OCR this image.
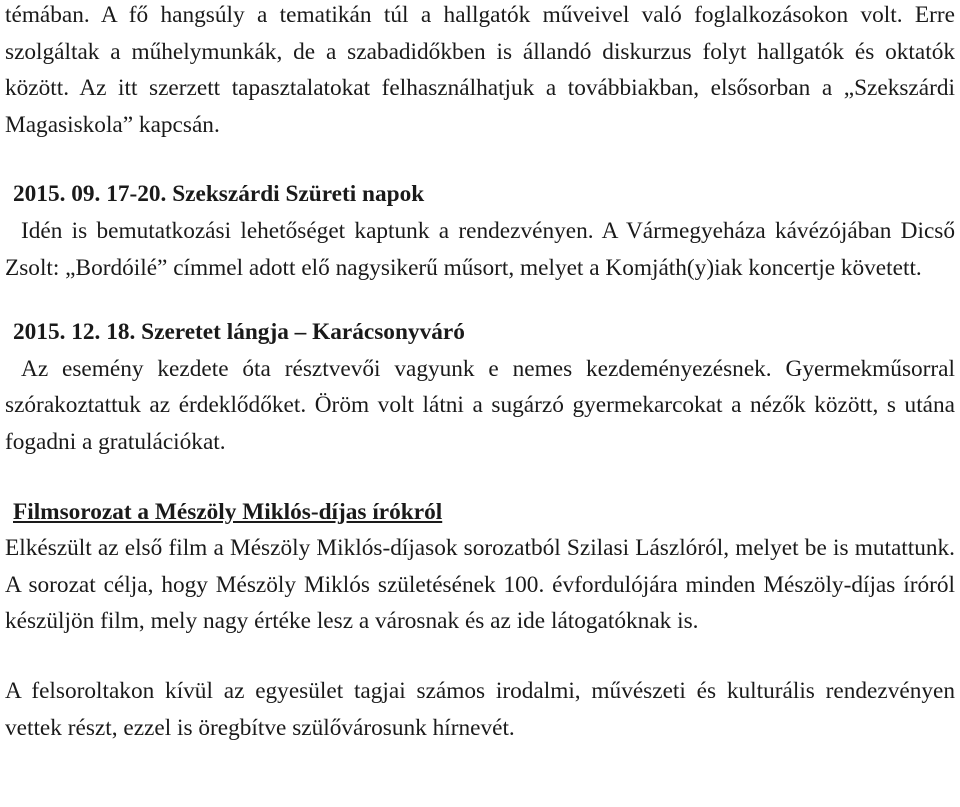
témában. A fő hangsúly a tematikán túl a hallgatók műveivel való foglalkozásokon volt. Erre szolgáltak a műhelymunkák, de a szabadidőkben is állandó diskurzus folyt hallgatók és oktatók között. Az itt szerzett tapasztalatokat felhasználhatjuk a továbbiakban, elsősorban a „Szekszárdi Magasiskola” kapcsán.

2015. 09. 17-20. Szekszárdi Szüreti napok

Idén is bemutatkozási lehetőséget kaptunk a rendezvényen. A Vármegyeháza kávézójában Dicső Zsolt: „Bordóilé” címmel adott elő nagysikerű műsort, melyet a Komjáth(y)iak koncertje követett.

2015. 12. 18. Szeretet lángja – Karácsonyváró

Az esemény kezdete óta résztvevői vagyunk e nemes kezdeményezésnek. Gyermekműsorral szórakoztattuk az érdeklődőket. Öröm volt látni a sugárzó gyermekarcokat a nézők között, s utána fogadni a gratulációkat.

Filmsorozat a Mészöly Miklós-díjas írókról

Elkészült az első film a Mészöly Miklós-díjasok sorozatból Szilasi Lászlóról, melyet be is mutattunk. A sorozat célja, hogy Mészöly Miklós születésének 100. évfordulójára minden Mészöly-díjas íróról készüljön film, mely nagy értéke lesz a városnak és az ide látogatóknak is.

A felsoroltakon kívül az egyesület tagjai számos irodalmi, művészeti és kulturális rendezvényen vettek részt, ezzel is öregbítve szülővárosunk hírnevét.
